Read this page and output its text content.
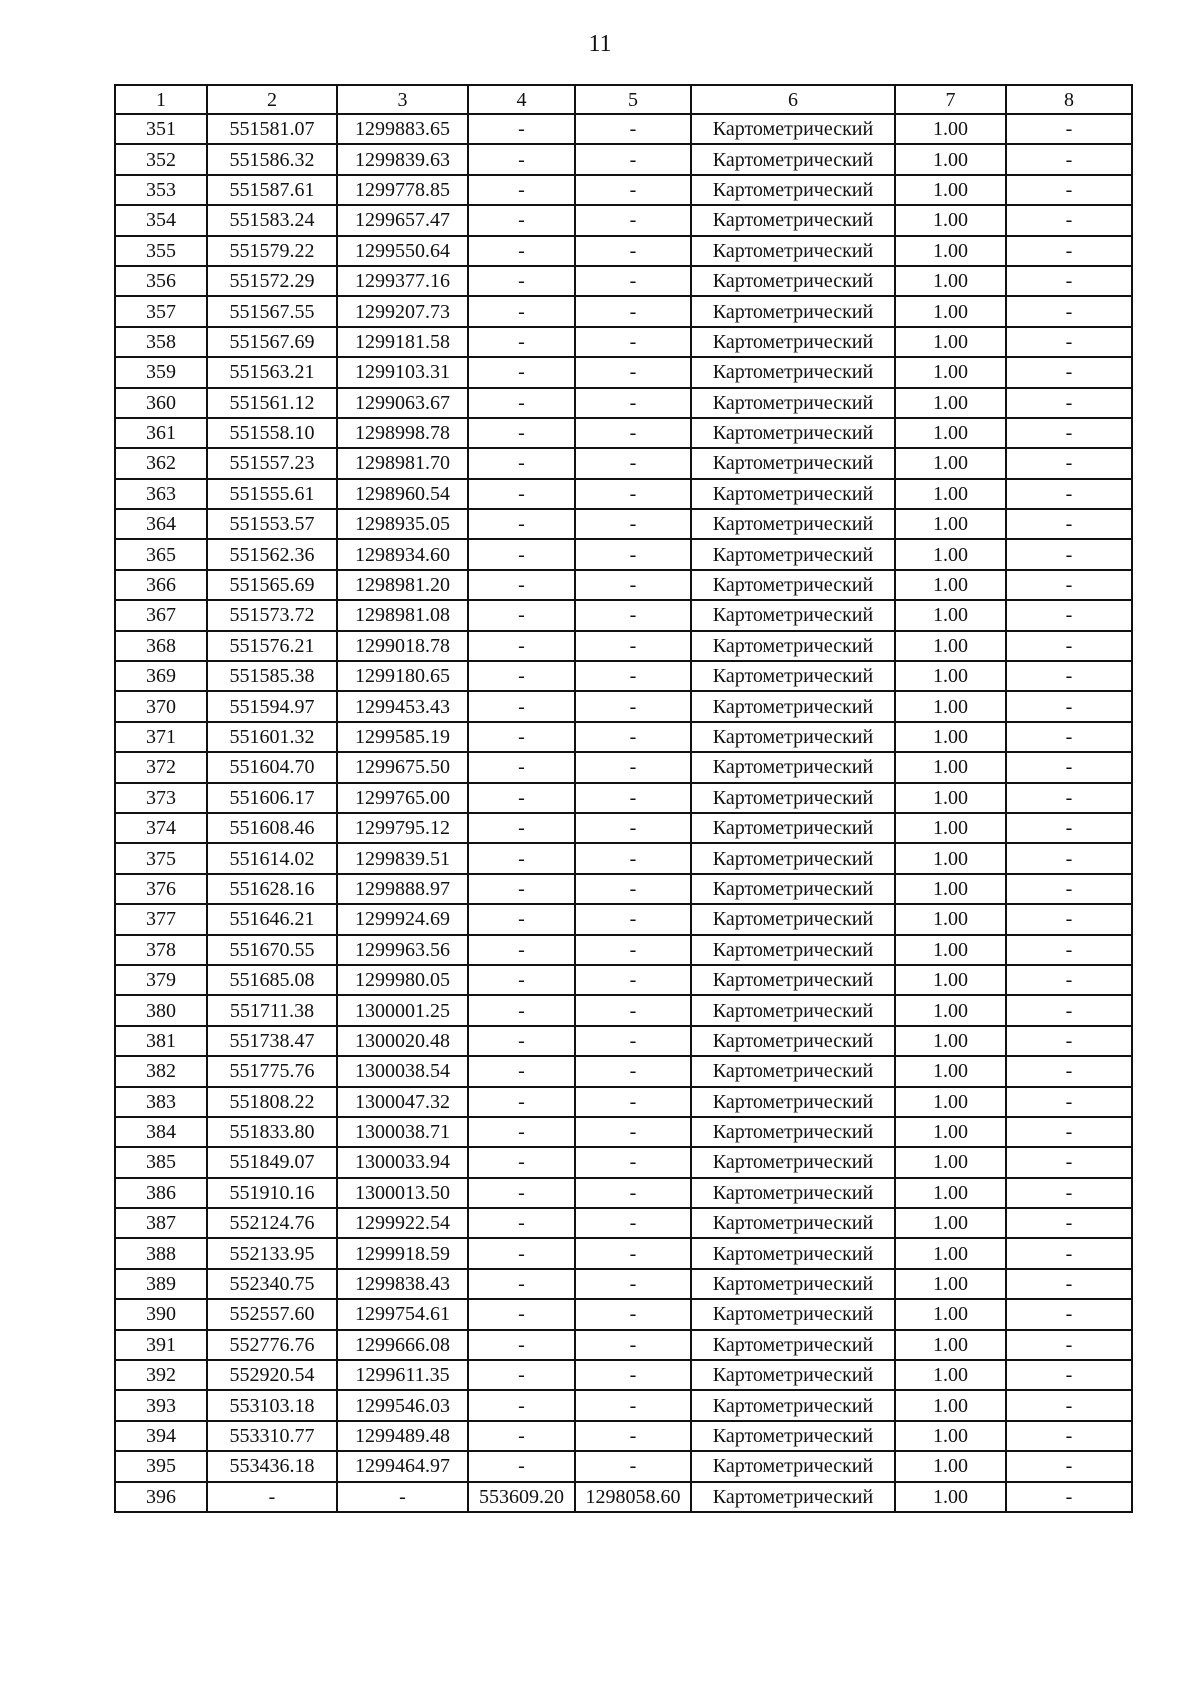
11
1	2	3	4	5	6	7	8
351	551581.07	1299883.65	-	-	Картометрический	1.00	-
352	551586.32	1299839.63	-	-	Картометрический	1.00	-
353	551587.61	1299778.85	-	-	Картометрический	1.00	-
354	551583.24	1299657.47	-	-	Картометрический	1.00	-
355	551579.22	1299550.64	-	-	Картометрический	1.00	-
356	551572.29	1299377.16	-	-	Картометрический	1.00	-
357	551567.55	1299207.73	-	-	Картометрический	1.00	-
358	551567.69	1299181.58	-	-	Картометрический	1.00	-
359	551563.21	1299103.31	-	-	Картометрический	1.00	-
360	551561.12	1299063.67	-	-	Картометрический	1.00	-
361	551558.10	1298998.78	-	-	Картометрический	1.00	-
362	551557.23	1298981.70	-	-	Картометрический	1.00	-
363	551555.61	1298960.54	-	-	Картометрический	1.00	-
364	551553.57	1298935.05	-	-	Картометрический	1.00	-
365	551562.36	1298934.60	-	-	Картометрический	1.00	-
366	551565.69	1298981.20	-	-	Картометрический	1.00	-
367	551573.72	1298981.08	-	-	Картометрический	1.00	-
368	551576.21	1299018.78	-	-	Картометрический	1.00	-
369	551585.38	1299180.65	-	-	Картометрический	1.00	-
370	551594.97	1299453.43	-	-	Картометрический	1.00	-
371	551601.32	1299585.19	-	-	Картометрический	1.00	-
372	551604.70	1299675.50	-	-	Картометрический	1.00	-
373	551606.17	1299765.00	-	-	Картометрический	1.00	-
374	551608.46	1299795.12	-	-	Картометрический	1.00	-
375	551614.02	1299839.51	-	-	Картометрический	1.00	-
376	551628.16	1299888.97	-	-	Картометрический	1.00	-
377	551646.21	1299924.69	-	-	Картометрический	1.00	-
378	551670.55	1299963.56	-	-	Картометрический	1.00	-
379	551685.08	1299980.05	-	-	Картометрический	1.00	-
380	551711.38	1300001.25	-	-	Картометрический	1.00	-
381	551738.47	1300020.48	-	-	Картометрический	1.00	-
382	551775.76	1300038.54	-	-	Картометрический	1.00	-
383	551808.22	1300047.32	-	-	Картометрический	1.00	-
384	551833.80	1300038.71	-	-	Картометрический	1.00	-
385	551849.07	1300033.94	-	-	Картометрический	1.00	-
386	551910.16	1300013.50	-	-	Картометрический	1.00	-
387	552124.76	1299922.54	-	-	Картометрический	1.00	-
388	552133.95	1299918.59	-	-	Картометрический	1.00	-
389	552340.75	1299838.43	-	-	Картометрический	1.00	-
390	552557.60	1299754.61	-	-	Картометрический	1.00	-
391	552776.76	1299666.08	-	-	Картометрический	1.00	-
392	552920.54	1299611.35	-	-	Картометрический	1.00	-
393	553103.18	1299546.03	-	-	Картометрический	1.00	-
394	553310.77	1299489.48	-	-	Картометрический	1.00	-
395	553436.18	1299464.97	-	-	Картометрический	1.00	-
396	-	-	553609.20	1298058.60	Картометрический	1.00	-
